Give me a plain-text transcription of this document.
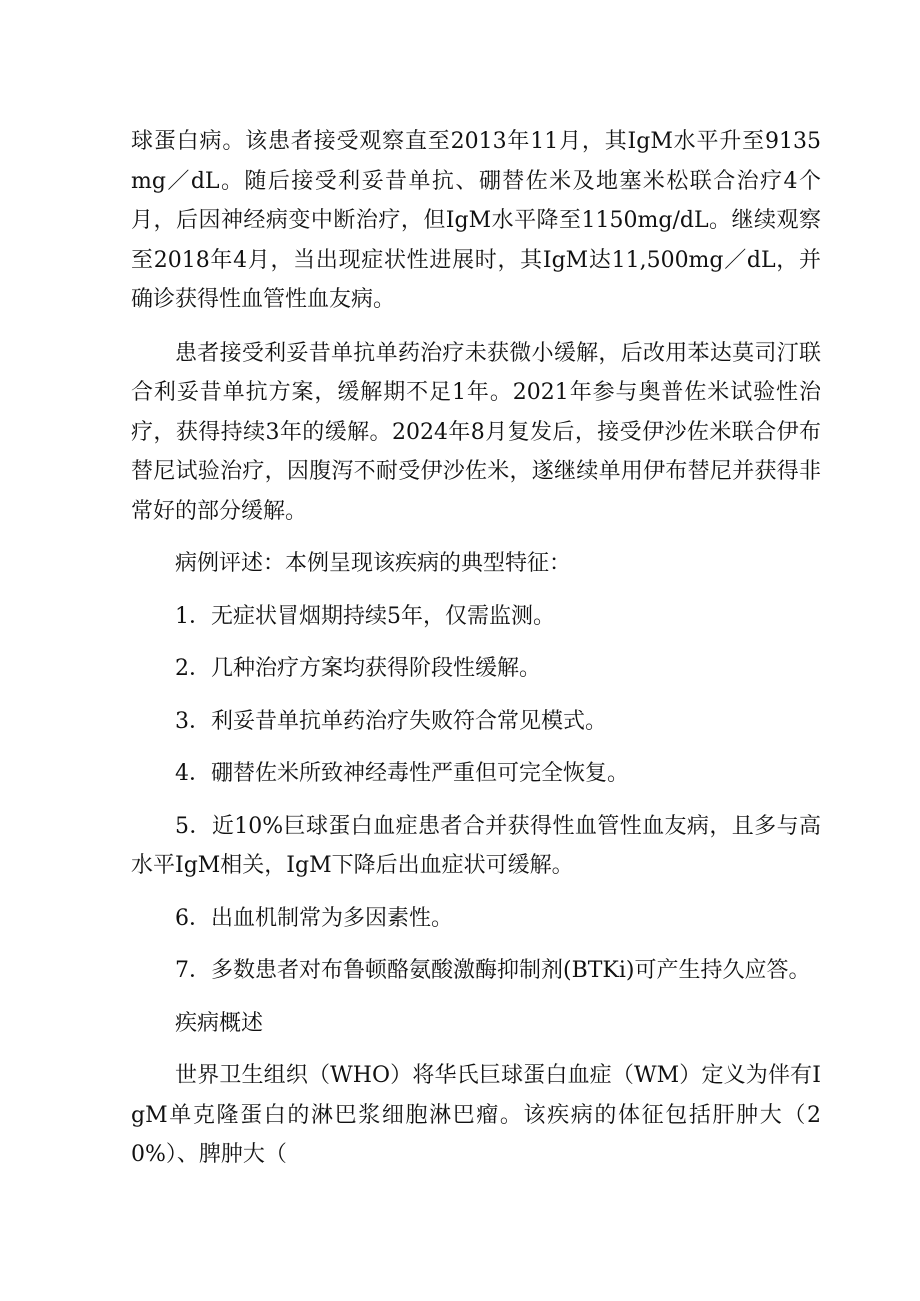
球蛋白病。该患者接受观察直至2013年11月，其IgM水平升至9135mg／dL。随后接受利妥昔单抗、硼替佐米及地塞米松联合治疗4个月，后因神经病变中断治疗，但IgM水平降至1150mg/dL。继续观察至2018年4月，当出现症状性进展时，其IgM达11,500mg／dL，并确诊获得性血管性血友病。

患者接受利妥昔单抗单药治疗未获微小缓解，后改用苯达莫司汀联合利妥昔单抗方案，缓解期不足1年。2021年参与奥普佐米试验性治疗，获得持续3年的缓解。2024年8月复发后，接受伊沙佐米联合伊布替尼试验治疗，因腹泻不耐受伊沙佐米，遂继续单用伊布替尼并获得非常好的部分缓解。

病例评述：本例呈现该疾病的典型特征：

1．无症状冒烟期持续5年，仅需监测。

2．几种治疗方案均获得阶段性缓解。

3．利妥昔单抗单药治疗失败符合常见模式。

4．硼替佐米所致神经毒性严重但可完全恢复。

5．近10%巨球蛋白血症患者合并获得性血管性血友病，且多与高水平IgM相关，IgM下降后出血症状可缓解。

6．出血机制常为多因素性。

7．多数患者对布鲁顿酪氨酸激酶抑制剂(BTKi)可产生持久应答。

疾病概述

世界卫生组织（WHO）将华氏巨球蛋白血症（WM）定义为伴有IgM单克隆蛋白的淋巴浆细胞淋巴瘤。该疾病的体征包括肝肿大（20%）、脾肿大（
